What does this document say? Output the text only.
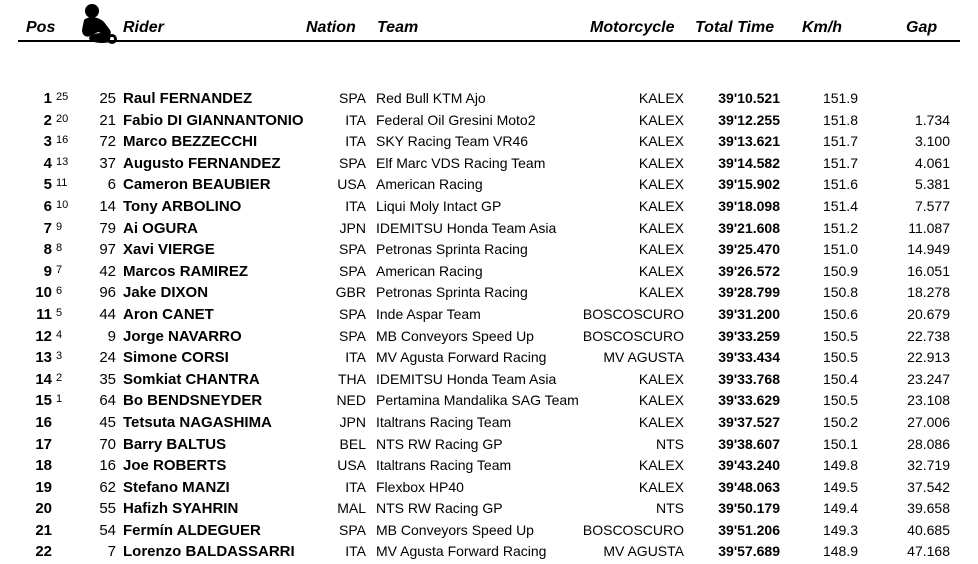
Pos	Rider	Nation Team	Motorcycle Total Time Km/h	Gap
1 25	25 Raul FERNANDEZ	SPA Red Bull KTM Ajo	KALEX	39'10.521	151.9
2 20	21 Fabio DI GIANNANTONIO	ITA Federal Oil Gresini Moto2	KALEX	39'12.255	151.8	1.734
3 16	72 Marco BEZZECCHI	ITA SKY Racing Team VR46	KALEX	39'13.621	151.7	3.100
4 13	37 Augusto FERNANDEZ	SPA Elf Marc VDS Racing Team	KALEX	39'14.582	151.7	4.061
5 11	6 Cameron BEAUBIER	USA American Racing	KALEX	39'15.902	151.6	5.381
6 10	14 Tony ARBOLINO	ITA Liqui Moly Intact GP	KALEX	39'18.098	151.4	7.577
7 9	79 Ai OGURA	JPN IDEMITSU Honda Team Asia	KALEX	39'21.608	151.2	11.087
8 8	97 Xavi VIERGE	SPA Petronas Sprinta Racing	KALEX	39'25.470	151.0	14.949
9 7	42 Marcos RAMIREZ	SPA American Racing	KALEX	39'26.572	150.9	16.051
10 6	96 Jake DIXON	GBR Petronas Sprinta Racing	KALEX	39'28.799	150.8	18.278
11 5	44 Aron CANET	SPA Inde Aspar Team	BOSCOSCURO	39'31.200	150.6	20.679
12 4	9 Jorge NAVARRO	SPA MB Conveyors Speed Up	BOSCOSCURO	39'33.259	150.5	22.738
13 3	24 Simone CORSI	ITA MV Agusta Forward Racing	MV AGUSTA	39'33.434	150.5	22.913
14 2	35 Somkiat CHANTRA	THA IDEMITSU Honda Team Asia	KALEX	39'33.768	150.4	23.247
15 1	64 Bo BENDSNEYDER	NED Pertamina Mandalika SAG Team	KALEX	39'33.629	150.5	23.108
16	45 Tetsuta NAGASHIMA	JPN Italtrans Racing Team	KALEX	39'37.527	150.2	27.006
17	70 Barry BALTUS	BEL NTS RW Racing GP	NTS	39'38.607	150.1	28.086
18	16 Joe ROBERTS	USA Italtrans Racing Team	KALEX	39'43.240	149.8	32.719
19	62 Stefano MANZI	ITA Flexbox HP40	KALEX	39'48.063	149.5	37.542
20	55 Hafizh SYAHRIN	MAL NTS RW Racing GP	NTS	39'50.179	149.4	39.658
21	54 Fermín ALDEGUER	SPA MB Conveyors Speed Up	BOSCOSCURO	39'51.206	149.3	40.685
22	7 Lorenzo BALDASSARRI	ITA MV Agusta Forward Racing	MV AGUSTA	39'57.689	148.9	47.168
